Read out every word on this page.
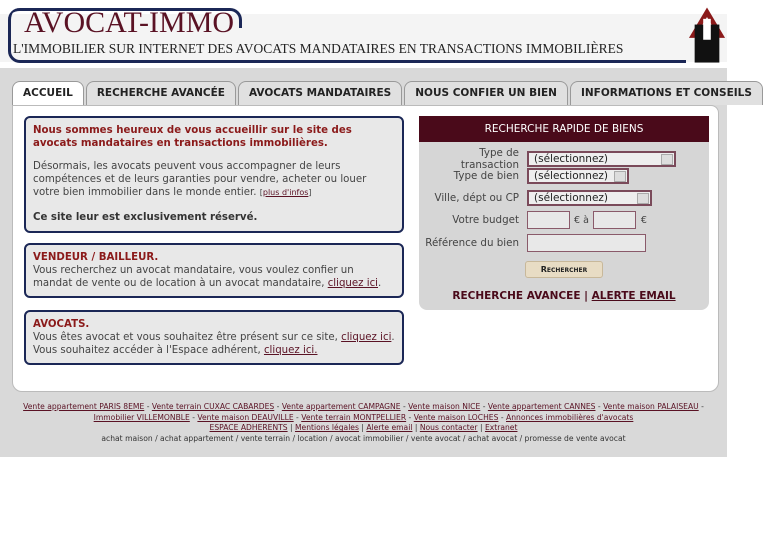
AVOCAT-IMMO
L'IMMOBILIER SUR INTERNET DES AVOCATS MANDATAIRES EN TRANSACTIONS IMMOBILIÈRES
ACCUEIL	RECHERCHE AVANCÉE	AVOCATS MANDATAIRES	NOUS CONFIER UN BIEN	INFORMATIONS ET CONSEILS
Nous sommes heureux de vous accueillir sur le site des avocats mandataires en transactions immobilières.
Désormais, les avocats peuvent vous accompagner de leurs compétences et de leurs garanties pour vendre, acheter ou louer votre bien immobilier dans le monde entier. [plus d'infos]
Ce site leur est exclusivement réservé.
VENDEUR / BAILLEUR.
Vous recherchez un avocat mandataire, vous voulez confier un mandat de vente ou de location à un avocat mandataire, cliquez ici.
AVOCATS.
Vous êtes avocat et vous souhaitez être présent sur ce site, cliquez ici.
Vous souhaitez accéder à l'Espace adhérent, cliquez ici.
RECHERCHE RAPIDE DE BIENS
Type de transaction	(sélectionnez)
Type de bien	(sélectionnez)
Ville, dépt ou CP	(sélectionnez)
Votre budget	€ à	€
Référence du bien
Rechercher
RECHERCHE AVANCEE | ALERTE EMAIL
Vente appartement PARIS 8EME - Vente terrain CUXAC CABARDES - Vente appartement CAMPAGNE - Vente maison NICE - Vente appartement CANNES - Vente maison PALAISEAU -
Immobilier VILLEMONBLE - Vente maison DEAUVILLE - Vente terrain MONTPELLIER - Vente maison LOCHES - Annonces immobilières d'avocats
ESPACE ADHERENTS | Mentions légales | Alerte email | Nous contacter | Extranet
achat maison / achat appartement / vente terrain / location / avocat immobilier / vente avocat / achat avocat / promesse de vente avocat
